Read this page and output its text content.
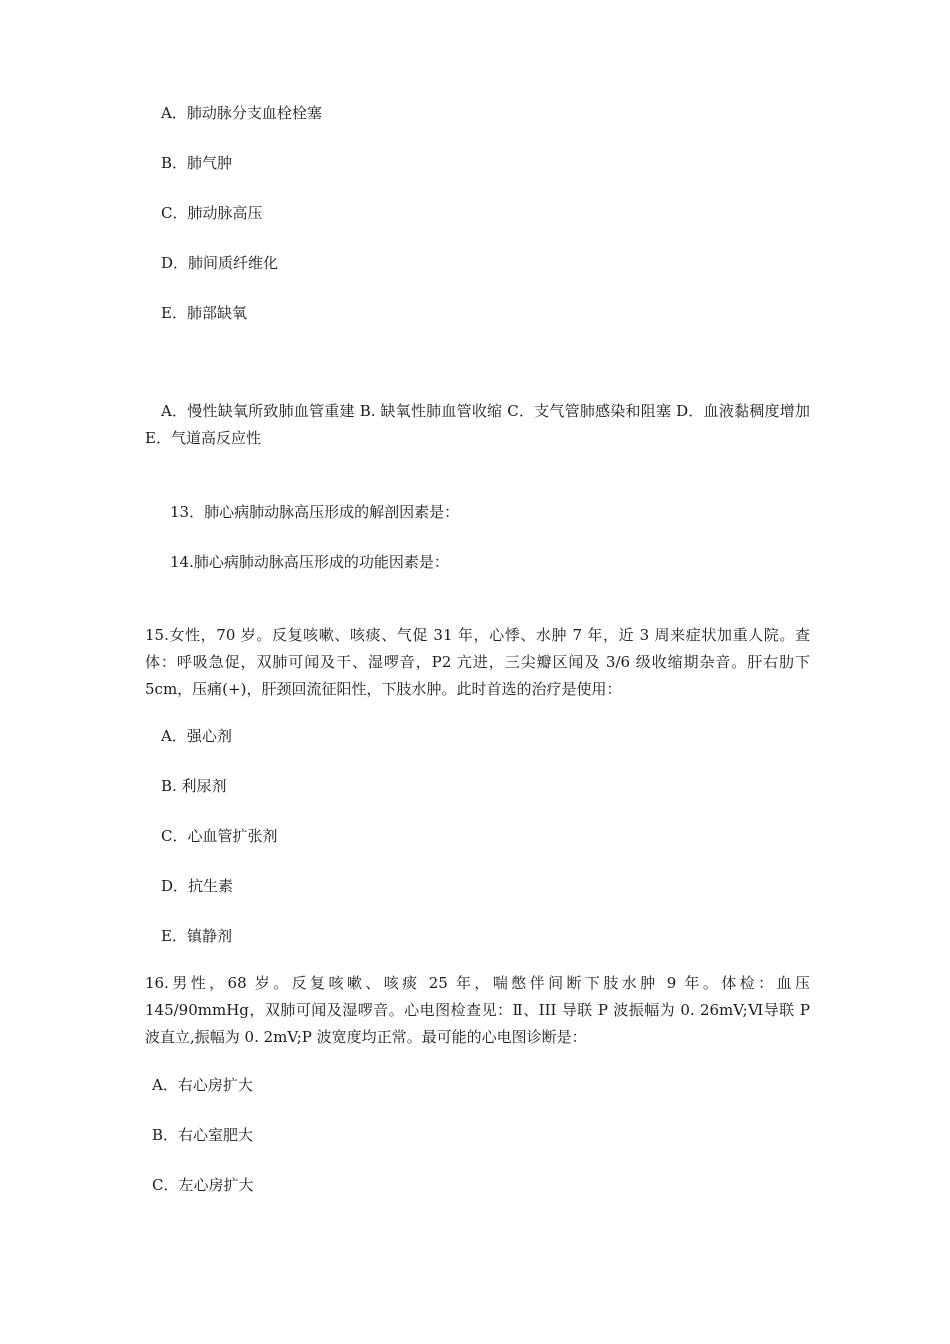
A．肺动脉分支血栓栓塞
B．肺气肿
C．肺动脉高压
D．肺间质纤维化
E．肺部缺氧
A．慢性缺氧所致肺血管重建 B. 缺氧性肺血管收缩 C．支气管肺感染和阻塞 D．血液黏稠度增加 E．气道高反应性
13．肺心病肺动脉高压形成的解剖因素是：
14.肺心病肺动脉高压形成的功能因素是：
15.女性，70 岁。反复咳嗽、咳痰、气促 31 年，心悸、水肿 7 年，近 3 周来症状加重人院。查体：呼吸急促，双肺可闻及干、湿啰音，P2 亢进，三尖瓣区闻及 3/6 级收缩期杂音。肝右肋下 5cm，压痛(+)，肝颈回流征阳性，下肢水肿。此时首选的治疗是使用：
A．强心剂
B. 利尿剂
C．心血管扩张剂
D．抗生素
E．镇静剂
16.男性，68 岁。反复咳嗽、咳痰 25 年，喘憋伴间断下肢水肿 9 年。体检：血压 145/90mmHg，双肺可闻及湿啰音。心电图检查见：Ⅱ、III 导联 P 波振幅为 0. 26mV;Ⅵ导联 P 波直立,振幅为 0. 2mV;P 波宽度均正常。最可能的心电图诊断是：
A．右心房扩大
B．右心室肥大
C．左心房扩大
